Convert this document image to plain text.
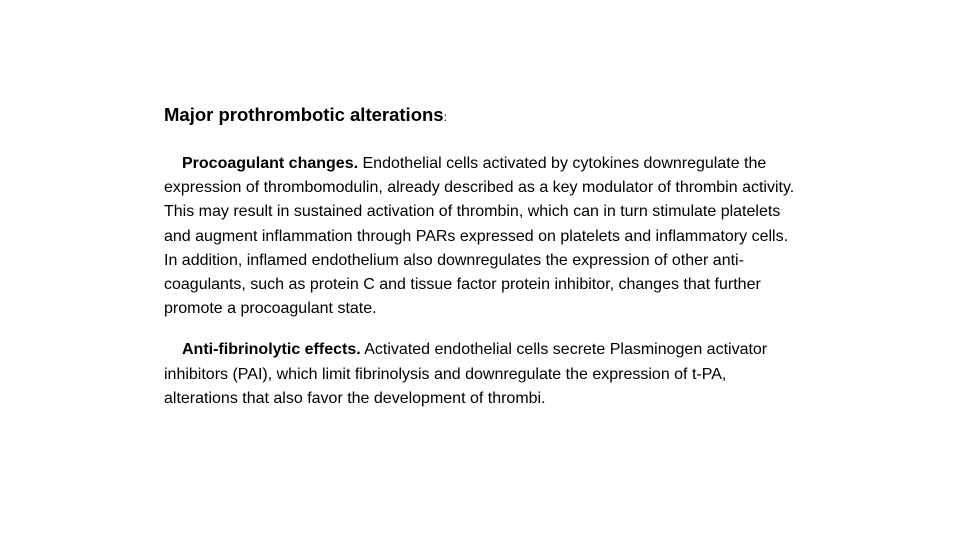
Major prothrombotic alterations:

Procoagulant changes. Endothelial cells activated by cytokines downregulate the expression of thrombomodulin, already described as a key modulator of thrombin activity. This may result in sustained activation of thrombin, which can in turn stimulate platelets and augment inflammation through PARs expressed on platelets and inflammatory cells. In addition, inflamed endothelium also downregulates the expression of other anti-coagulants, such as protein C and tissue factor protein inhibitor, changes that further promote a procoagulant state.

Anti-fibrinolytic effects. Activated endothelial cells secrete Plasminogen activator inhibitors (PAI), which limit fibrinolysis and downregulate the expression of t-PA, alterations that also favor the development of thrombi.
